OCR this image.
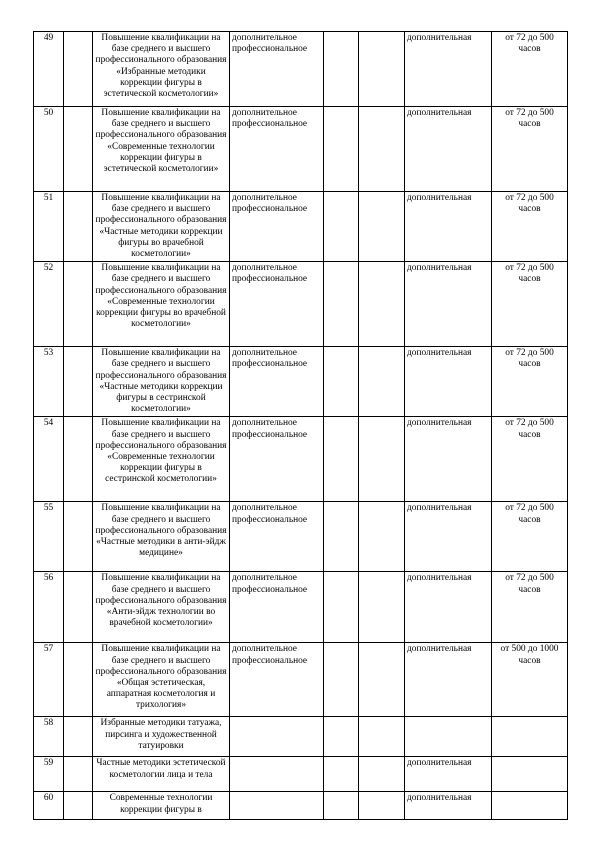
49		Повышение квалификации на базе среднего и высшего профессионального образования «Избранные методики коррекции фигуры в эстетической косметологии»	дополнительное профессиональное			дополнительная	от 72 до 500 часов
50		Повышение квалификации на базе среднего и высшего профессионального образования «Современные технологии коррекции фигуры в эстетической косметологии»	дополнительное профессиональное			дополнительная	от 72 до 500 часов
51		Повышение квалификации на базе среднего и высшего профессионального образования «Частные методики коррекции фигуры во врачебной косметологии»	дополнительное профессиональное			дополнительная	от 72 до 500 часов
52		Повышение квалификации на базе среднего и высшего профессионального образования «Современные технологии коррекции фигуры во врачебной косметологии»	дополнительное профессиональное			дополнительная	от 72 до 500 часов
53		Повышение квалификации на базе среднего и высшего профессионального образования «Частные методики коррекции фигуры в сестринской косметологии»	дополнительное профессиональное			дополнительная	от 72 до 500 часов
54		Повышение квалификации на базе среднего и высшего профессионального образования «Современные технологии коррекции фигуры в сестринской косметологии»	дополнительное профессиональное			дополнительная	от 72 до 500 часов
55		Повышение квалификации на базе среднего и высшего профессионального образования «Частные методики в анти-эйдж медицине»	дополнительное профессиональное			дополнительная	от 72 до 500 часов
56		Повышение квалификации на базе среднего и высшего профессионального образования «Анти-эйдж технологии во врачебной косметологии»	дополнительное профессиональное			дополнительная	от 72 до 500 часов
57		Повышение квалификации на базе среднего и высшего профессионального образования «Общая эстетическая, аппаратная косметология и трихология»	дополнительное профессиональное			дополнительная	от 500 до 1000 часов
58		Избранные методики татуажа, пирсинга и художественной татуировки					
59		Частные методики эстетической косметологии лица и тела				дополнительная	
60		Современные технологии коррекции фигуры в				дополнительная	
